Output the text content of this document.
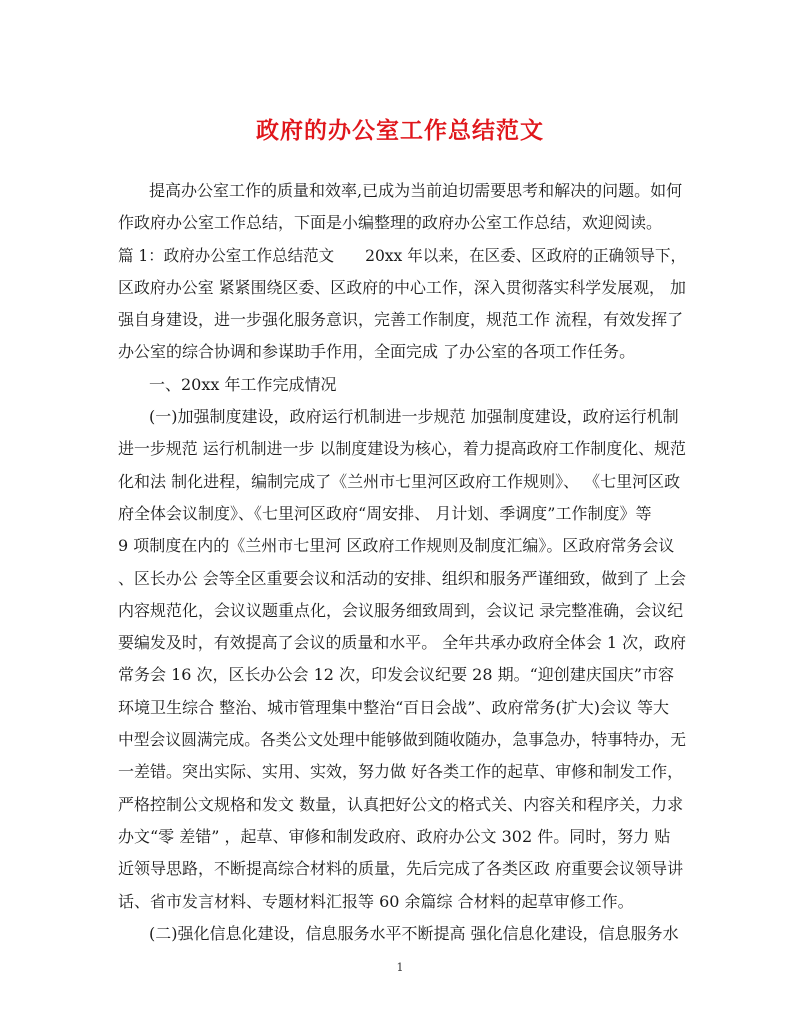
政府的办公室工作总结范文
提高办公室工作的质量和效率,已成为当前迫切需要思考和解决的问题。如何
作政府办公室工作总结，下面是小编整理的政府办公室工作总结，欢迎阅读。
篇 1：政府办公室工作总结范文　　20xx 年以来，在区委、区政府的正确领导下，
区政府办公室 紧紧围绕区委、区政府的中心工作，深入贯彻落实科学发展观， 加
强自身建设，进一步强化服务意识，完善工作制度，规范工作 流程，有效发挥了
办公室的综合协调和参谋助手作用，全面完成 了办公室的各项工作任务。
一、20xx 年工作完成情况
(一)加强制度建设，政府运行机制进一步规范 加强制度建设，政府运行机制
进一步规范 运行机制进一步 以制度建设为核心，着力提高政府工作制度化、规范
化和法 制化进程，编制完成了《兰州市七里河区政府工作规则》、 《七里河区政
府全体会议制度》、《七里河区政府“周安排、 月计划、季调度”工作制度》等
9 项制度在内的《兰州市七里河 区政府工作规则及制度汇编》。区政府常务会议
、区长办公 会等全区重要会议和活动的安排、组织和服务严谨细致，做到了 上会
内容规范化，会议议题重点化，会议服务细致周到，会议记 录完整准确，会议纪
要编发及时，有效提高了会议的质量和水平。 全年共承办政府全体会 1 次，政府
常务会 16 次，区长办公会 12 次，印发会议纪要 28 期。“迎创建庆国庆”市容
环境卫生综合 整治、城市管理集中整治“百日会战”、政府常务(扩大)会议 等大
中型会议圆满完成。各类公文处理中能够做到随收随办，急事急办，特事特办，无
一差错。突出实际、实用、实效，努力做 好各类工作的起草、审修和制发工作，
严格控制公文规格和发文 数量，认真把好公文的格式关、内容关和程序关，力求
办文“零 差错” ，起草、审修和制发政府、政府办公文 302 件。同时，努力 贴
近领导思路，不断提高综合材料的质量，先后完成了各类区政 府重要会议领导讲
话、省市发言材料、专题材料汇报等 60 余篇综 合材料的起草审修工作。
(二)强化信息化建设，信息服务水平不断提高 强化信息化建设，信息服务水
1
